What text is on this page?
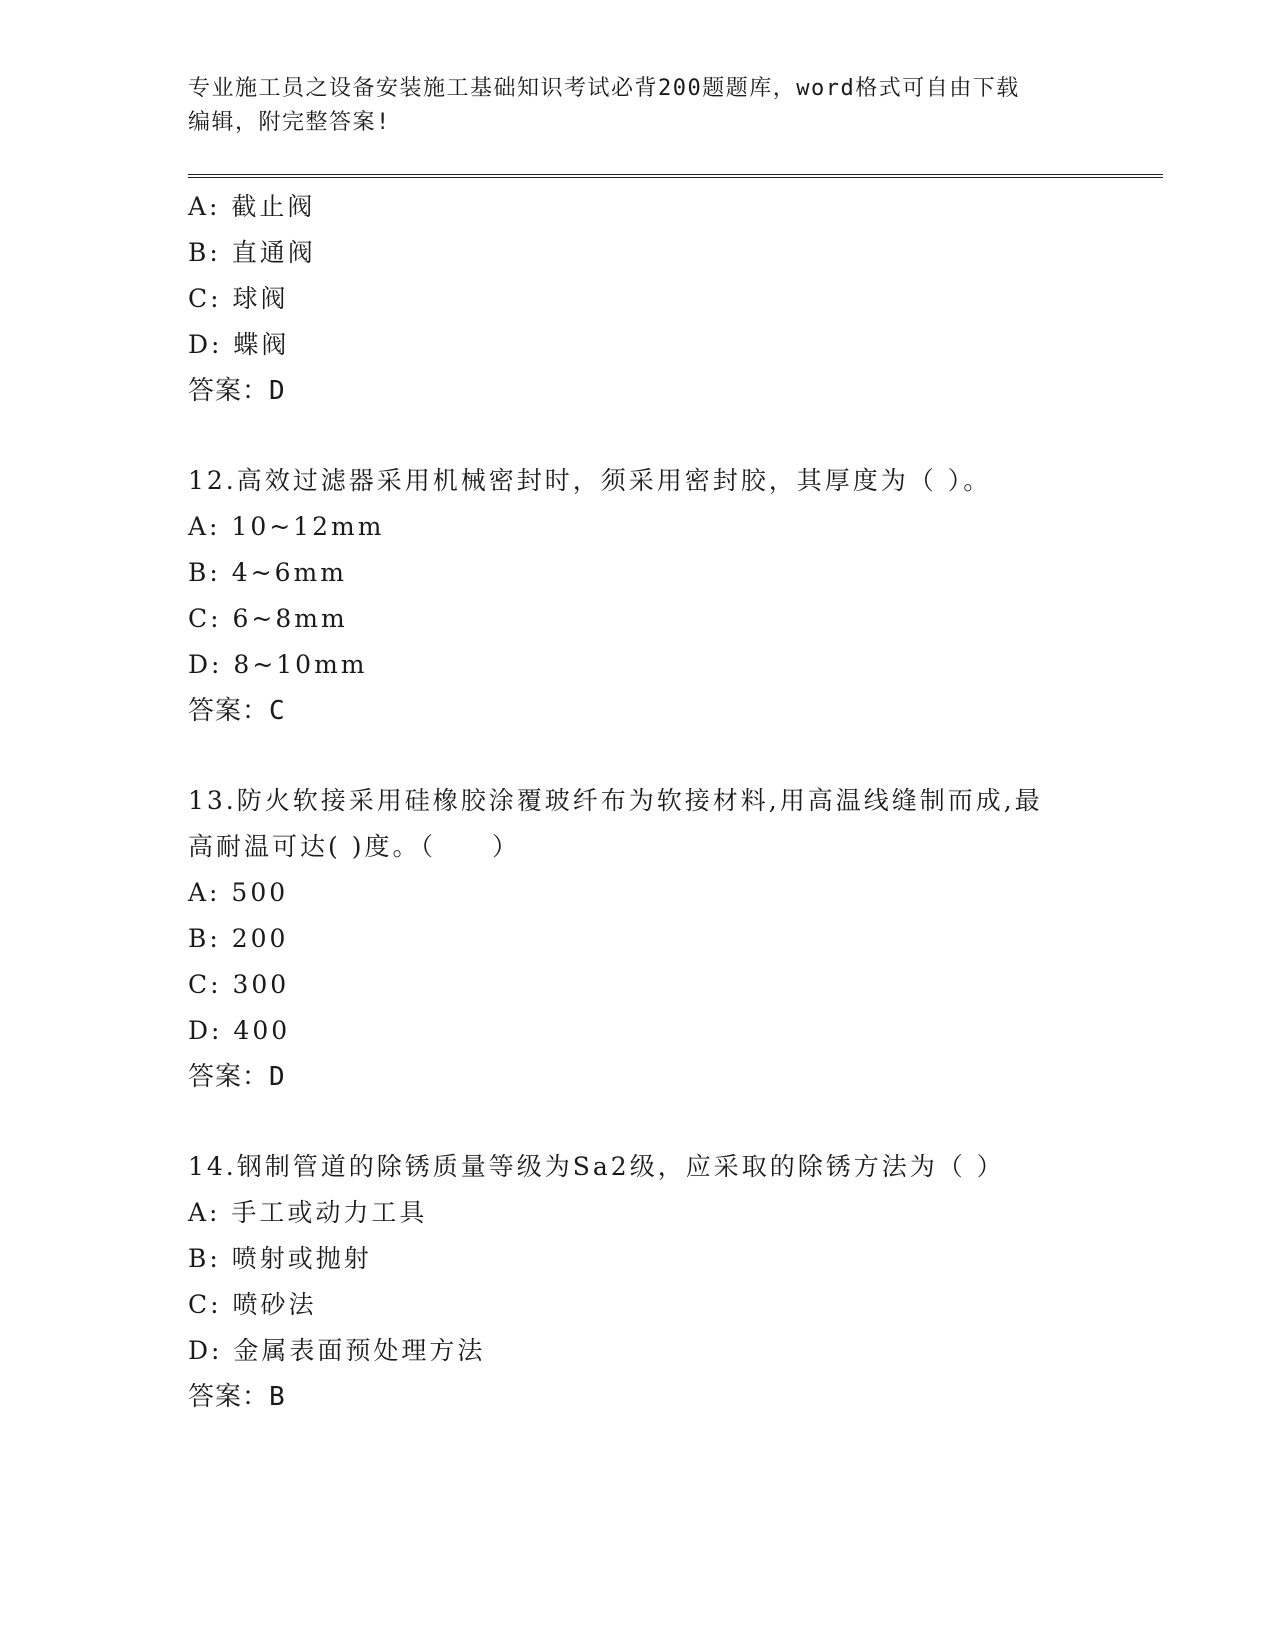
专业施工员之设备安装施工基础知识考试必背200题题库，word格式可自由下载
编辑，附完整答案!
A: 截止阀
B: 直通阀
C: 球阀
D: 蝶阀
答案：D
12.高效过滤器采用机械密封时，须采用密封胶，其厚度为（ ）。
A: 10~12mm
B: 4~6mm
C: 6~8mm
D: 8~10mm
答案：C
13.防火软接采用硅橡胶涂覆玻纤布为软接材料,用高温线缝制而成,最
高耐温可达( )度。（　　）
A: 500
B: 200
C: 300
D: 400
答案：D
14.钢制管道的除锈质量等级为Sa2级，应采取的除锈方法为（ ）
A: 手工或动力工具
B: 喷射或抛射
C: 喷砂法
D: 金属表面预处理方法
答案：B
